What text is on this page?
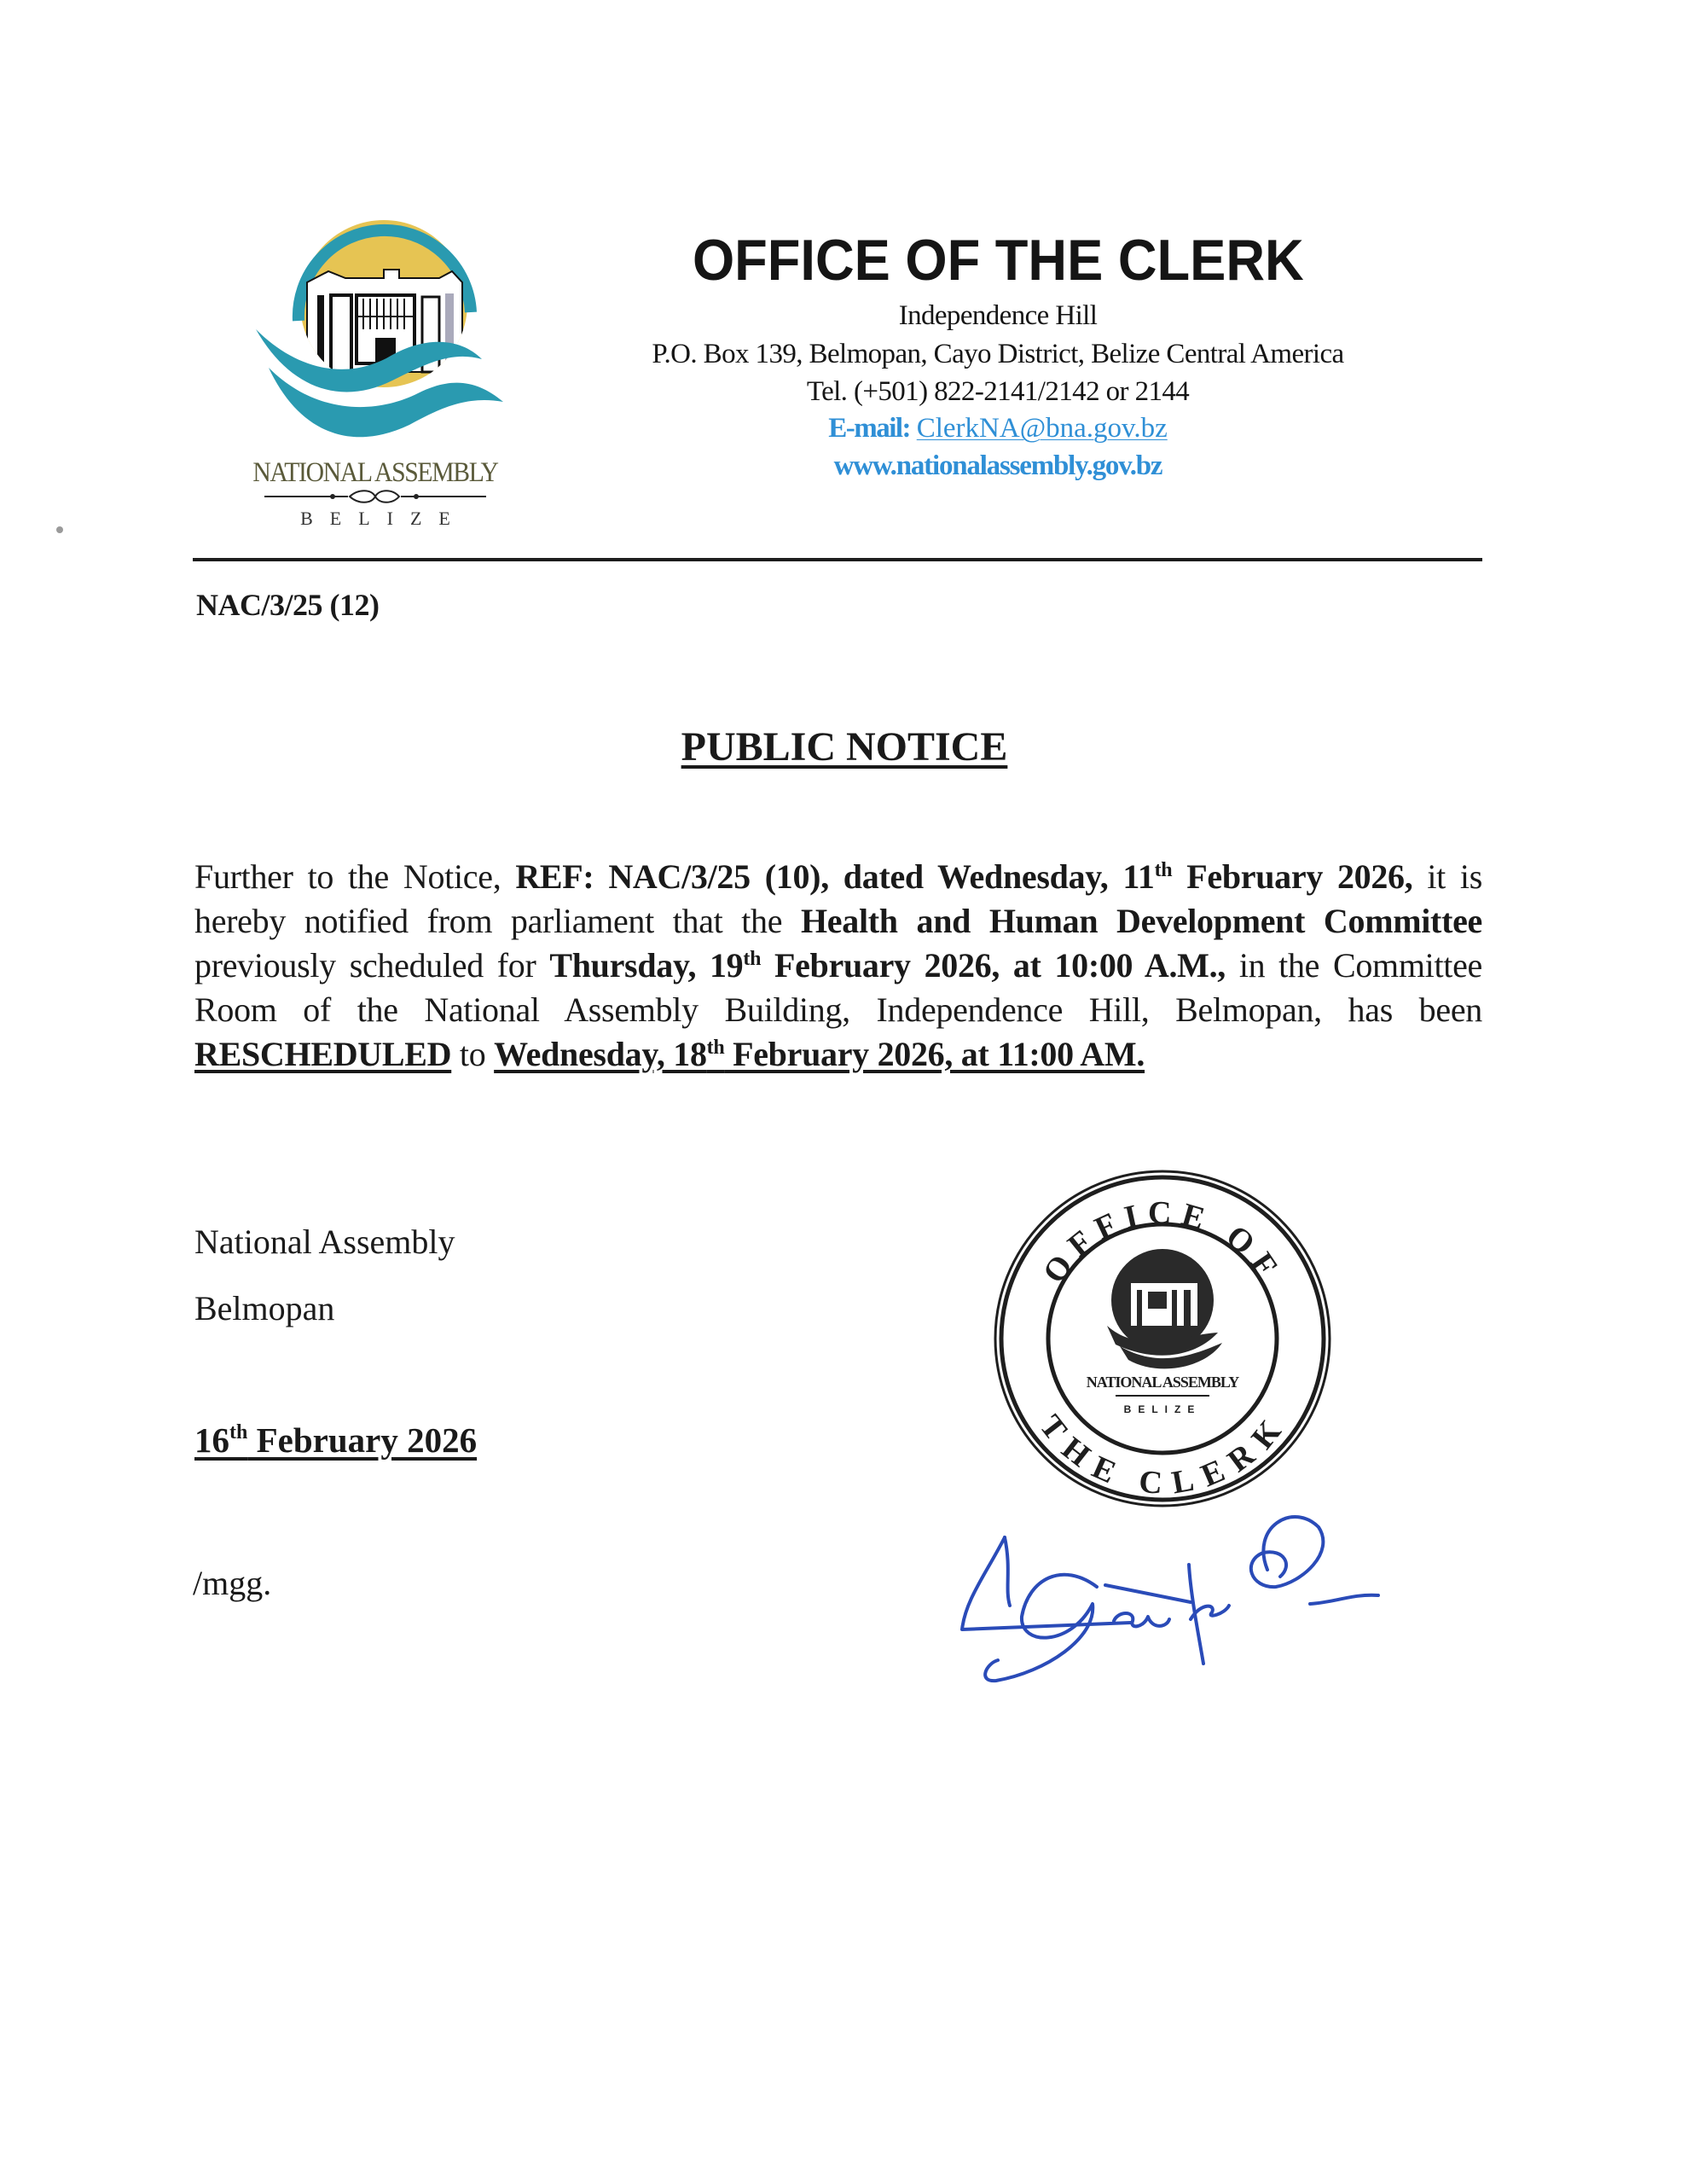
NATIONAL ASSEMBLY
BELIZE
OFFICE OF THE CLERK
Independence Hill
P.O. Box 139, Belmopan, Cayo District, Belize Central America
Tel. (+501) 822-2141/2142 or 2144
E-mail: ClerkNA@bna.gov.bz
www.nationalassembly.gov.bz
NAC/3/25 (12)
PUBLIC NOTICE
Further to the Notice, REF: NAC/3/25 (10), dated Wednesday, 11th February 2026, it is hereby notified from parliament that the Health and Human Development Committee previously scheduled for Thursday, 19th February 2026, at 10:00 A.M., in the Committee Room of the National Assembly Building, Independence Hill, Belmopan, has been RESCHEDULED to Wednesday, 18th February 2026, at 11:00 AM.
National Assembly
Belmopan
16th February 2026
/mgg.
OFFICE OF
THE CLERK
NATIONAL ASSEMBLY
BELIZE
